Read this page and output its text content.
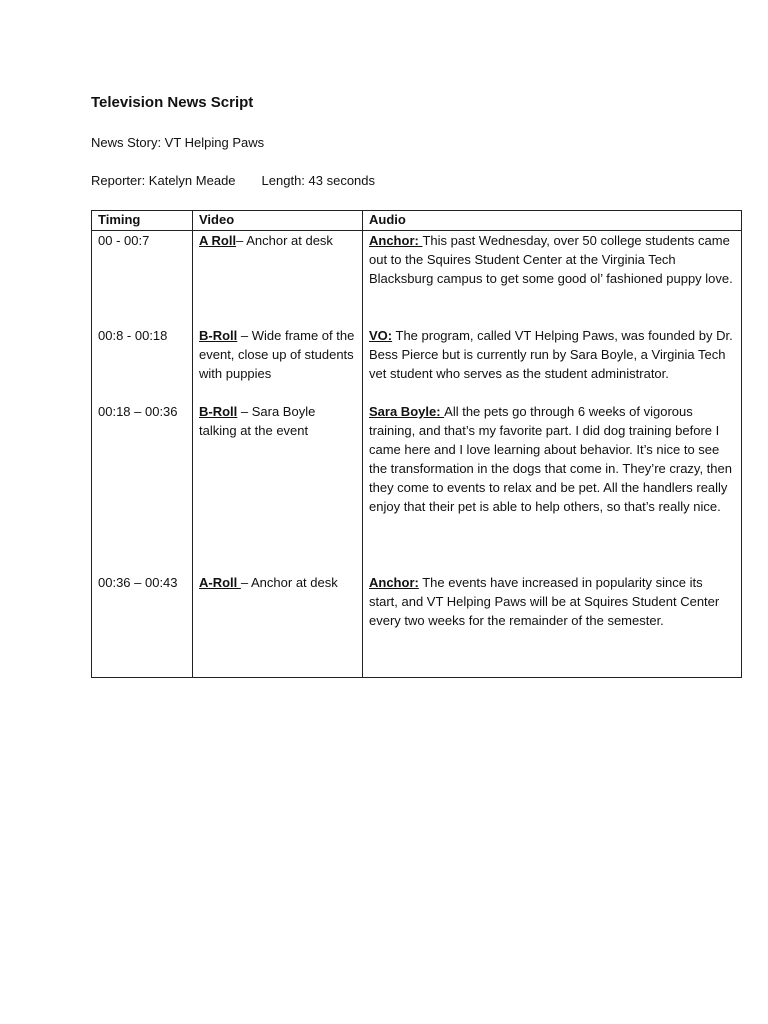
Television News Script
News Story: VT Helping Paws
Reporter: Katelyn Meade Length: 43 seconds
Timing	Video	Audio
00 - 00:7	A Roll– Anchor at desk	Anchor: This past Wednesday, over 50 college students came out to the Squires Student Center at the Virginia Tech Blacksburg campus to get some good ol’ fashioned puppy love.
00:8 - 00:18	B-Roll – Wide frame of the event, close up of students with puppies	VO: The program, called VT Helping Paws, was founded by Dr. Bess Pierce but is currently run by Sara Boyle, a Virginia Tech vet student who serves as the student administrator.
00:18 – 00:36	B-Roll – Sara Boyle talking at the event	Sara Boyle: All the pets go through 6 weeks of vigorous training, and that’s my favorite part. I did dog training before I came here and I love learning about behavior. It’s nice to see the transformation in the dogs that come in. They’re crazy, then they come to events to relax and be pet. All the handlers really enjoy that their pet is able to help others, so that’s really nice.
00:36 – 00:43	A-Roll – Anchor at desk	Anchor: The events have increased in popularity since its start, and VT Helping Paws will be at Squires Student Center every two weeks for the remainder of the semester.
